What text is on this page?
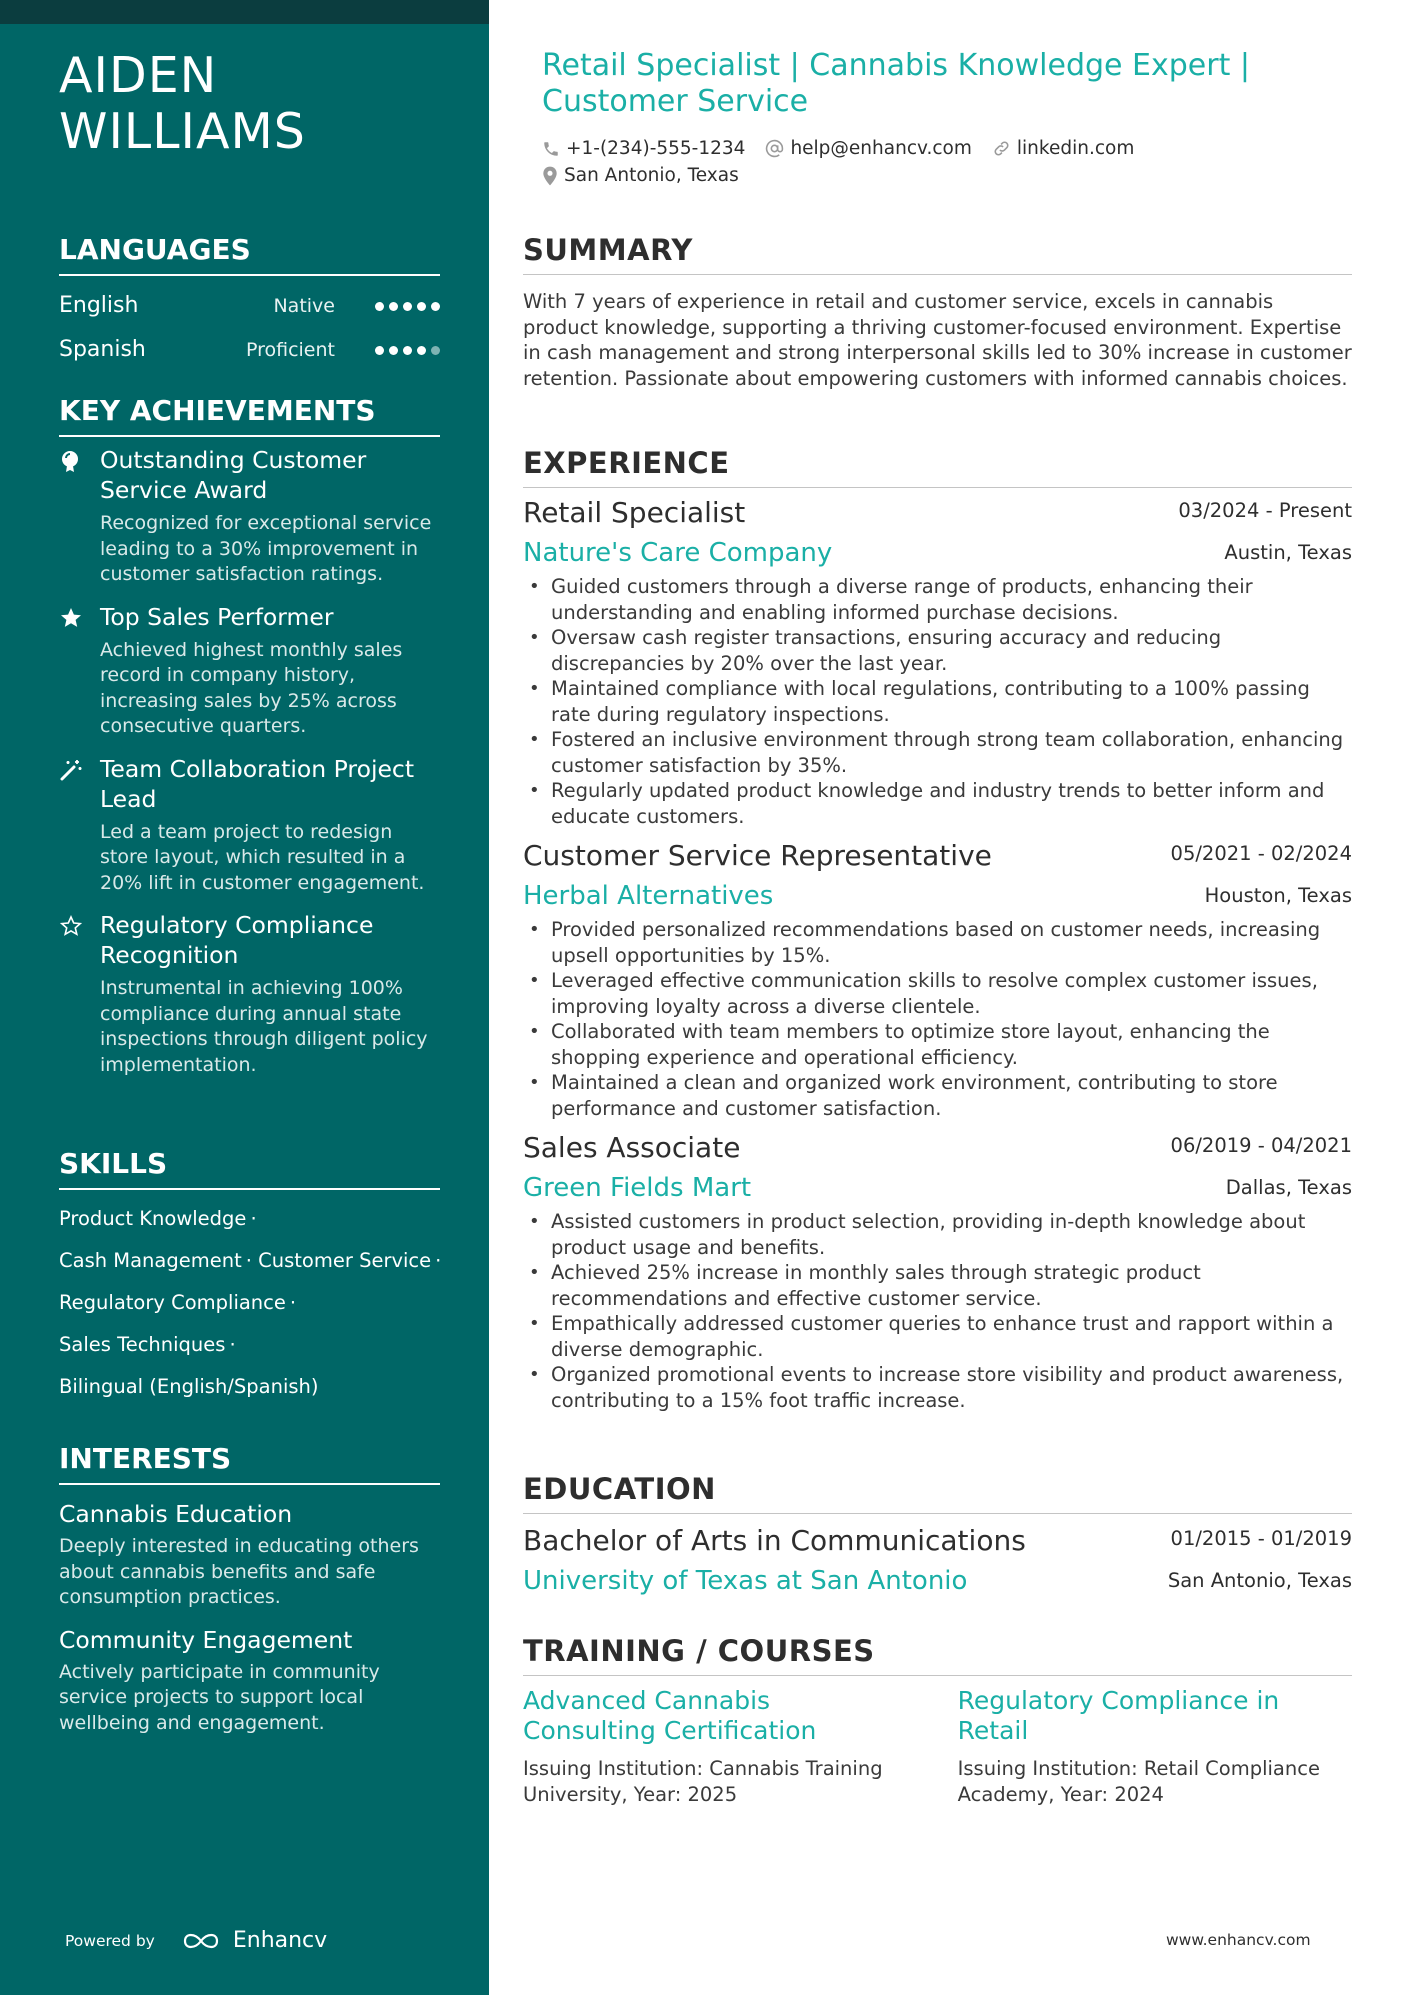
AIDEN WILLIAMS
LANGUAGES
English	Native
Spanish	Proficient
KEY ACHIEVEMENTS
Outstanding Customer Service Award
Recognized for exceptional service leading to a 30% improvement in customer satisfaction ratings.
Top Sales Performer
Achieved highest monthly sales record in company history, increasing sales by 25% across consecutive quarters.
Team Collaboration Project Lead
Led a team project to redesign store layout, which resulted in a 20% lift in customer engagement.
Regulatory Compliance Recognition
Instrumental in achieving 100% compliance during annual state inspections through diligent policy implementation.
SKILLS
Product Knowledge ·
Cash Management · Customer Service ·
Regulatory Compliance ·
Sales Techniques ·
Bilingual (English/Spanish)
INTERESTS
Cannabis Education
Deeply interested in educating others about cannabis benefits and safe consumption practices.
Community Engagement
Actively participate in community service projects to support local wellbeing and engagement.
Powered by	Enhancv
Retail Specialist | Cannabis Knowledge Expert | Customer Service
+1-(234)-555-1234 help@enhancv.com linkedin.com
San Antonio, Texas
SUMMARY

With 7 years of experience in retail and customer service, excels in cannabis product knowledge, supporting a thriving customer-focused environment. Expertise in cash management and strong interpersonal skills led to 30% increase in customer retention. Passionate about empowering customers with informed cannabis choices.

EXPERIENCE
Retail Specialist	03/2024 - Present
Nature's Care Company	Austin, Texas
• Guided customers through a diverse range of products, enhancing their understanding and enabling informed purchase decisions.
• Oversaw cash register transactions, ensuring accuracy and reducing discrepancies by 20% over the last year.
• Maintained compliance with local regulations, contributing to a 100% passing rate during regulatory inspections.
• Fostered an inclusive environment through strong team collaboration, enhancing customer satisfaction by 35%.
• Regularly updated product knowledge and industry trends to better inform and educate customers.
Customer Service Representative	05/2021 - 02/2024
Herbal Alternatives	Houston, Texas
• Provided personalized recommendations based on customer needs, increasing upsell opportunities by 15%.
• Leveraged effective communication skills to resolve complex customer issues, improving loyalty across a diverse clientele.
• Collaborated with team members to optimize store layout, enhancing the shopping experience and operational efficiency.
• Maintained a clean and organized work environment, contributing to store performance and customer satisfaction.
Sales Associate	06/2019 - 04/2021
Green Fields Mart	Dallas, Texas
• Assisted customers in product selection, providing in-depth knowledge about product usage and benefits.
• Achieved 25% increase in monthly sales through strategic product recommendations and effective customer service.
• Empathically addressed customer queries to enhance trust and rapport within a diverse demographic.
• Organized promotional events to increase store visibility and product awareness, contributing to a 15% foot traffic increase.
EDUCATION
Bachelor of Arts in Communications	01/2015 - 01/2019
University of Texas at San Antonio	San Antonio, Texas
TRAINING / COURSES
Advanced Cannabis Consulting Certification
Issuing Institution: Cannabis Training University, Year: 2025
Regulatory Compliance in Retail
Issuing Institution: Retail Compliance Academy, Year: 2024
www.enhancv.com
